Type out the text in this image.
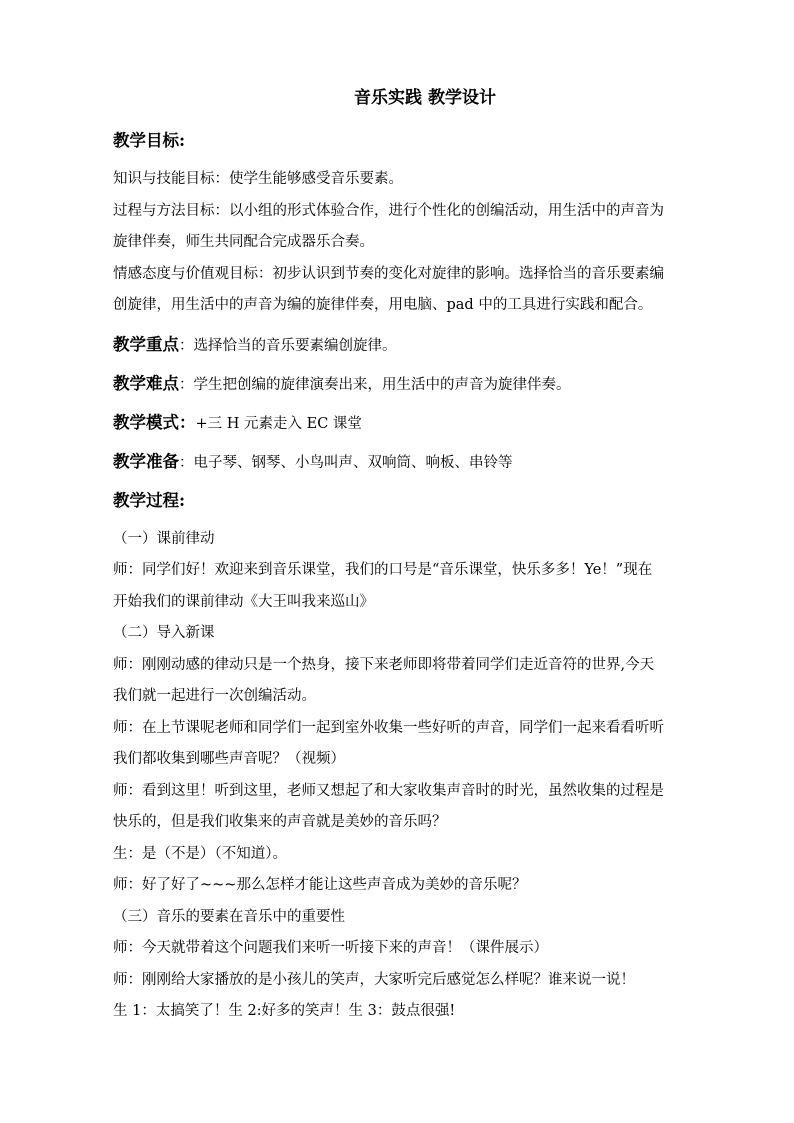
音乐实践 教学设计
教学目标:
知识与技能目标：使学生能够感受音乐要素。
过程与方法目标：以小组的形式体验合作，进行个性化的创编活动，用生活中的声音为
旋律伴奏，师生共同配合完成器乐合奏。
情感态度与价值观目标：初步认识到节奏的变化对旋律的影响。选择恰当的音乐要素编
创旋律，用生活中的声音为编的旋律伴奏，用电脑、pad 中的工具进行实践和配合。
教学重点：选择恰当的音乐要素编创旋律。
教学难点：学生把创编的旋律演奏出来，用生活中的声音为旋律伴奏。
教学模式：+三 H 元素走入 EC 课堂
教学准备：电子琴、钢琴、小鸟叫声、双响筒、响板、串铃等
教学过程:
（一）课前律动
师：同学们好！欢迎来到音乐课堂，我们的口号是“音乐课堂，快乐多多！Ye！”现在
开始我们的课前律动《大王叫我来巡山》
（二）导入新课
师：刚刚动感的律动只是一个热身，接下来老师即将带着同学们走近音符的世界,今天
我们就一起进行一次创编活动。
师：在上节课呢老师和同学们一起到室外收集一些好听的声音，同学们一起来看看听听
我们都收集到哪些声音呢？（视频）
师：看到这里！听到这里，老师又想起了和大家收集声音时的时光，虽然收集的过程是
快乐的，但是我们收集来的声音就是美妙的音乐吗？
生：是（不是）（不知道）。
师：好了好了~~~那么怎样才能让这些声音成为美妙的音乐呢？
（三）音乐的要素在音乐中的重要性
师：今天就带着这个问题我们来听一听接下来的声音！（课件展示）
师：刚刚给大家播放的是小孩儿的笑声，大家听完后感觉怎么样呢？谁来说一说！
生 1：太搞笑了！生 2:好多的笑声！生 3：鼓点很强!
